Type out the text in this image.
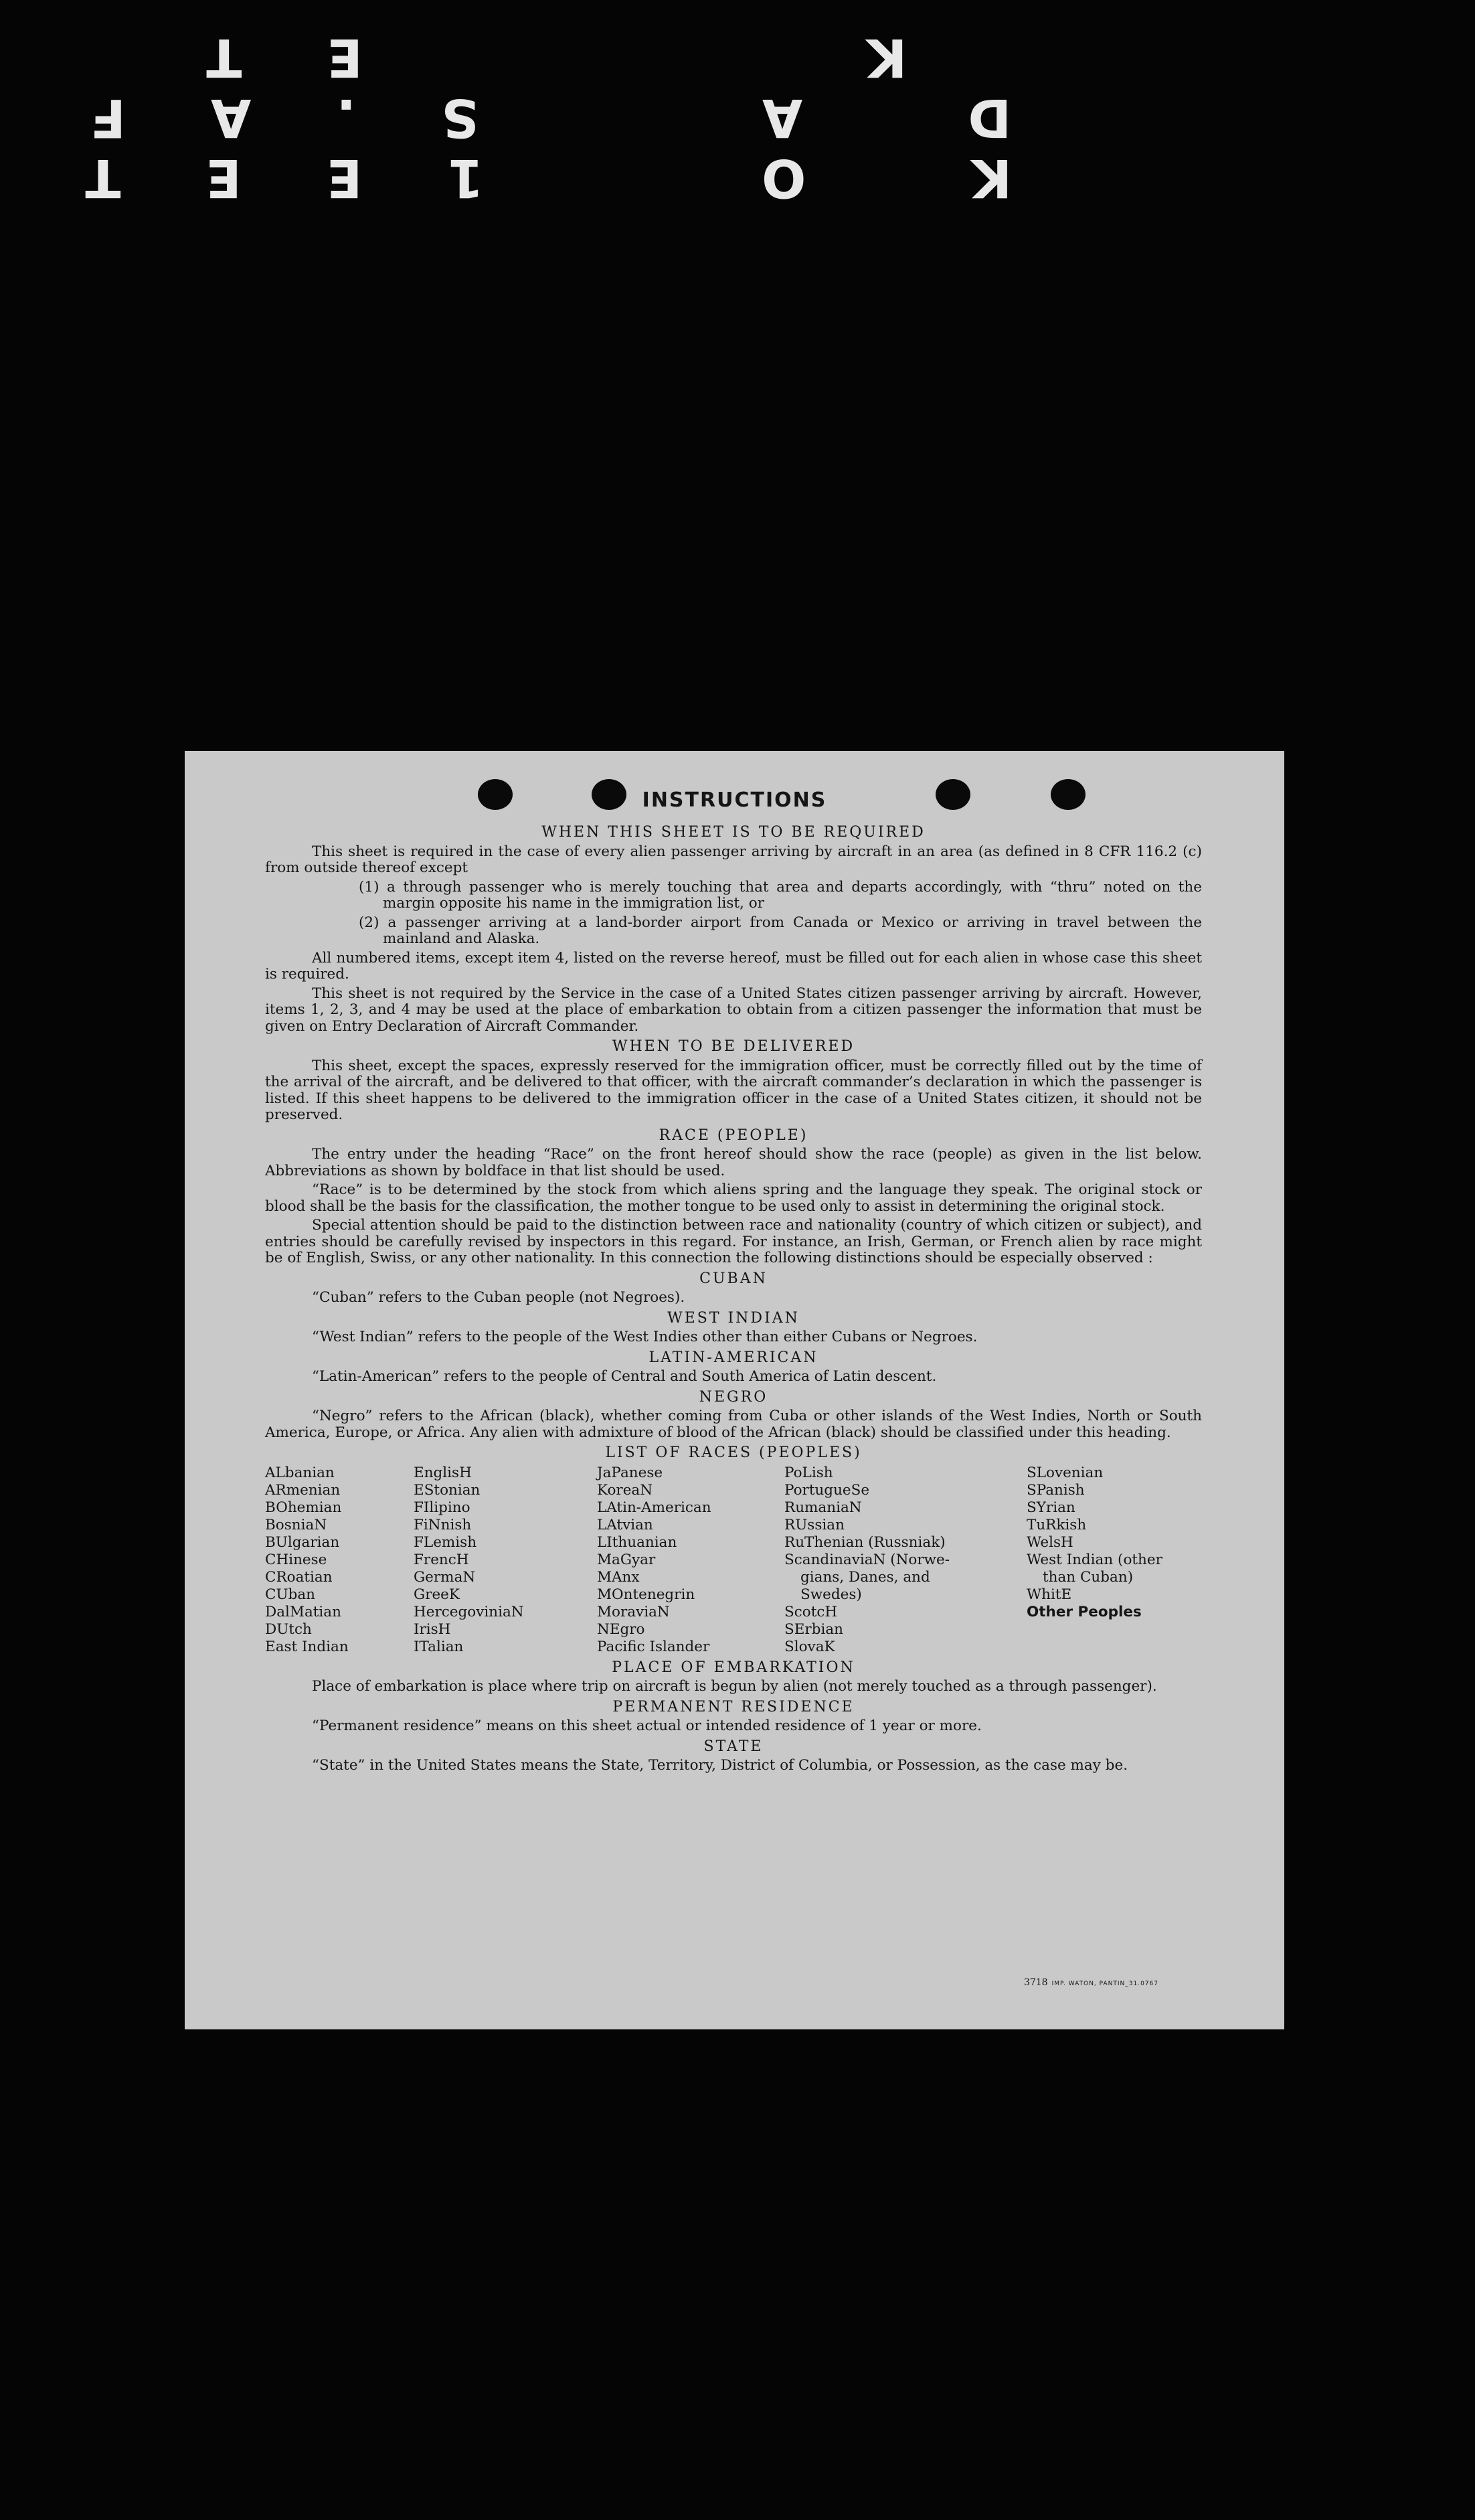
1 E E T S . A F E T
K O D A K
INSTRUCTIONS
WHEN THIS SHEET IS TO BE REQUIRED

This sheet is required in the case of every alien passenger arriving by aircraft in an area (as defined in 8 CFR 116.2 (c) from outside thereof except

(1) a through passenger who is merely touching that area and departs accordingly, with “thru” noted on the margin opposite his name in the immigration list, or

(2) a passenger arriving at a land-border airport from Canada or Mexico or arriving in travel between the mainland and Alaska.

All numbered items, except item 4, listed on the reverse hereof, must be filled out for each alien in whose case this sheet is required.

This sheet is not required by the Service in the case of a United States citizen passenger arriving by aircraft. However, items 1, 2, 3, and 4 may be used at the place of embarkation to obtain from a citizen passenger the information that must be given on Entry Declaration of Aircraft Commander.

WHEN TO BE DELIVERED

This sheet, except the spaces, expressly reserved for the immigration officer, must be correctly filled out by the time of the arrival of the aircraft, and be delivered to that officer, with the aircraft commander’s declaration in which the passenger is listed. If this sheet happens to be delivered to the immigration officer in the case of a United States citizen, it should not be preserved.

RACE (PEOPLE)

The entry under the heading “Race” on the front hereof should show the race (people) as given in the list below. Abbreviations as shown by boldface in that list should be used.

“Race” is to be determined by the stock from which aliens spring and the language they speak. The original stock or blood shall be the basis for the classification, the mother tongue to be used only to assist in determining the original stock.

Special attention should be paid to the distinction between race and nationality (country of which citizen or subject), and entries should be carefully revised by inspectors in this regard. For instance, an Irish, German, or French alien by race might be of English, Swiss, or any other nationality. In this connection the following distinctions should be especially observed :

CUBAN

“Cuban” refers to the Cuban people (not Negroes).

WEST INDIAN

“West Indian” refers to the people of the West Indies other than either Cubans or Negroes.

LATIN-AMERICAN

“Latin-American” refers to the people of Central and South America of Latin descent.

NEGRO

“Negro” refers to the African (black), whether coming from Cuba or other islands of the West Indies, North or South America, Europe, or Africa. Any alien with admixture of blood of the African (black) should be classified under this heading.

LIST OF RACES (PEOPLES)
ALbanian
ARmenian
BOhemian
BosniaN
BUlgarian
CHinese
CRoatian
CUban
DalMatian
DUtch
East Indian
EnglisH
EStonian
FIlipino
FiNnish
FLemish
FrencH
GermaN
GreeK
HercegoviniaN
IrisH
ITalian
JaPanese
KoreaN
LAtin-American
LAtvian
LIthuanian
MaGyar
MAnx
MOntenegrin
MoraviaN
NEgro
Pacific Islander
PoLish
PortugueSe
RumaniaN
RUssian
RuThenian (Russniak)
ScandinaviaN (Norwe-
gians, Danes, and
Swedes)
ScotcH
SErbian
SlovaK
SLovenian
SPanish
SYrian
TuRkish
WelsH
West Indian (other
than Cuban)
WhitE
Other Peoples
PLACE OF EMBARKATION

Place of embarkation is place where trip on aircraft is begun by alien (not merely touched as a through passenger).

PERMANENT RESIDENCE

“Permanent residence” means on this sheet actual or intended residence of 1 year or more.

STATE

“State” in the United States means the State, Territory, District of Columbia, or Possession, as the case may be.

3718 IMP. WATON, PANTIN_31.0767
